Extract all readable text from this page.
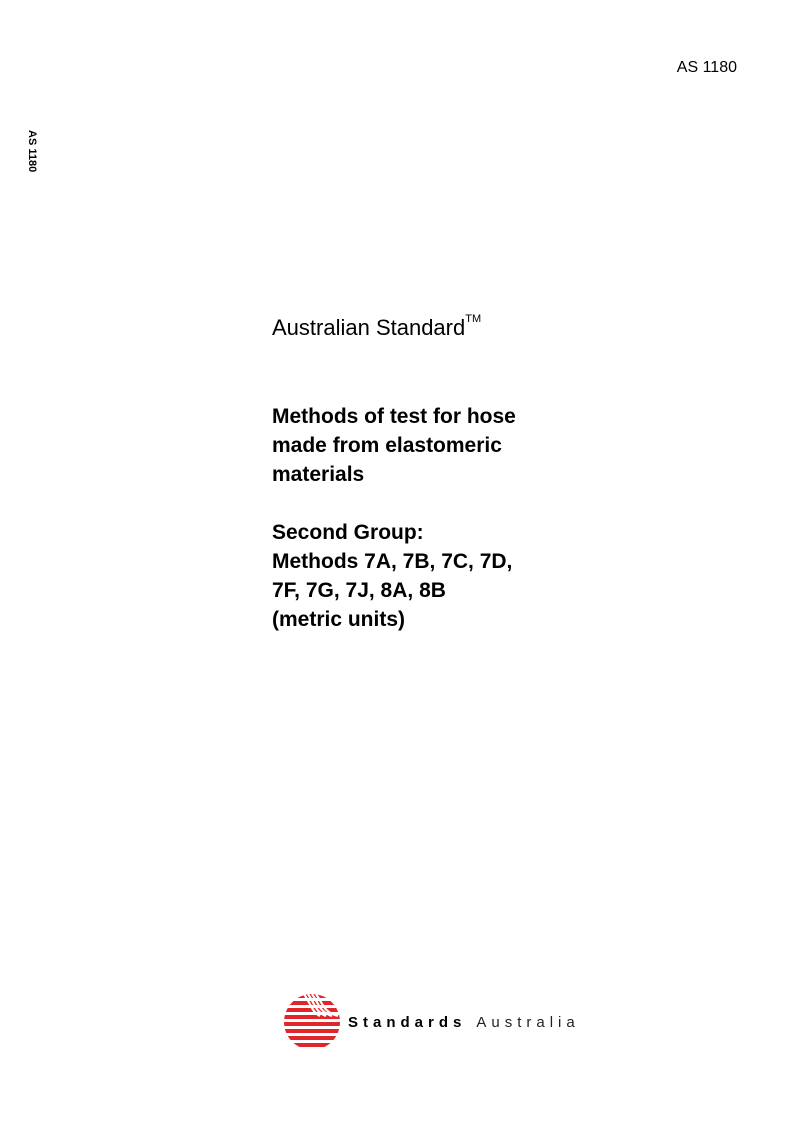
AS 1180
AS 1180
Australian Standard™
Methods of test for hose
made from elastomeric
materials
Second Group:
Methods 7A, 7B, 7C, 7D,
7F, 7G, 7J, 8A, 8B
(metric units)
Standards Australia
